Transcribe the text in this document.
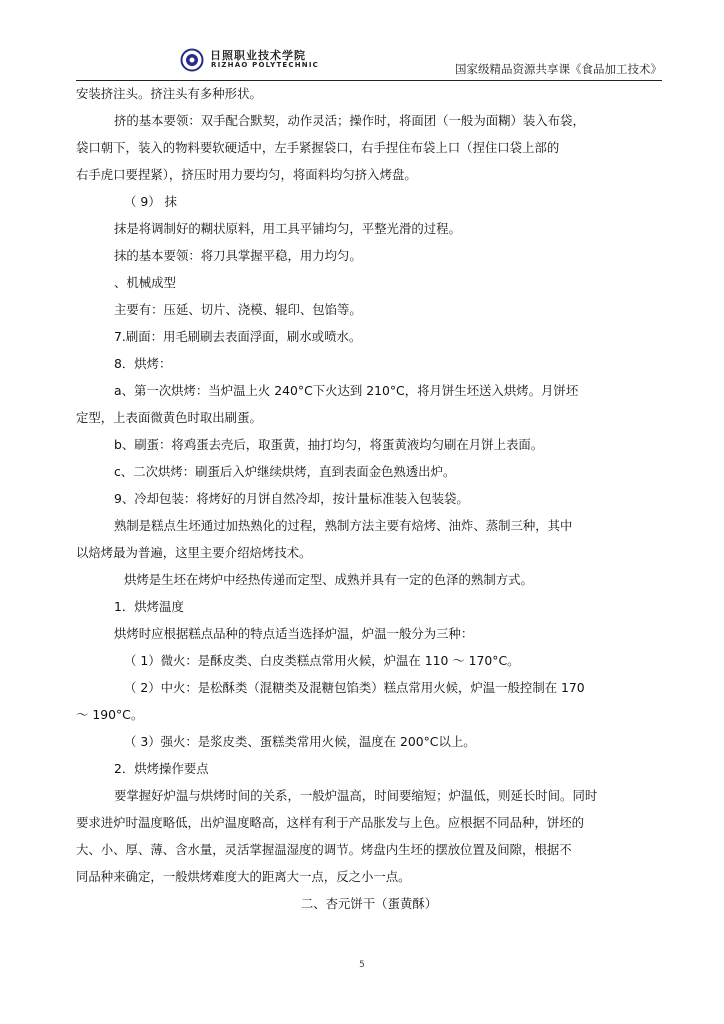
日照职业技术学院
RIZHAO POLYTECHNIC	国家级精品资源共享课《食品加工技术》
安装挤注头。挤注头有多种形状。
挤的基本要领：双手配合默契，动作灵活；操作时，将面团（一般为面糊）装入布袋，
袋口朝下，装入的物料要软硬适中，左手紧握袋口，右手捏住布袋上口（捏住口袋上部的
右手虎口要捏紧），挤压时用力要均匀，将面料均匀挤入烤盘。
（ 9） 抹
抹是将调制好的糊状原料，用工具平铺均匀，平整光滑的过程。
抹的基本要领：将刀具掌握平稳，用力均匀。
、机械成型
主要有：压延、切片、浇模、辊印、包馅等。
7.刷面：用毛刷刷去表面浮面，刷水或喷水。
8．烘烤：
a、第一次烘烤：当炉温上火 240°C下火达到 210°C，将月饼生坯送入烘烤。月饼坯
定型，上表面微黄色时取出刷蛋。
b、刷蛋：将鸡蛋去壳后，取蛋黄，抽打均匀，将蛋黄液均匀刷在月饼上表面。
c、二次烘烤：刷蛋后入炉继续烘烤，直到表面金色熟透出炉。
9、冷却包装：将烤好的月饼自然冷却，按计量标准装入包装袋。
熟制是糕点生坯通过加热熟化的过程，熟制方法主要有焙烤、油炸、蒸制三种，其中
以焙烤最为普遍，这里主要介绍焙烤技术。
烘烤是生坯在烤炉中经热传递而定型、成熟并具有一定的色泽的熟制方式。
1．烘烤温度
烘烤时应根据糕点品种的特点适当选择炉温，炉温一般分为三种：
（ 1）微火：是酥皮类、白皮类糕点常用火候，炉温在 110 ～ 170°C。
（ 2）中火：是松酥类（混糖类及混糖包馅类）糕点常用火候，炉温一般控制在 170
～ 190°C。
（ 3）强火：是浆皮类、蛋糕类常用火候，温度在 200°C以上。
2．烘烤操作要点
要掌握好炉温与烘烤时间的关系，一般炉温高，时间要缩短；炉温低，则延长时间。同时
要求进炉时温度略低，出炉温度略高，这样有利于产品胀发与上色。应根据不同品种，饼坯的
大、小、厚、薄、含水量，灵活掌握温湿度的调节。烤盘内生坯的摆放位置及间隙，根据不
同品种来确定，一般烘烤难度大的距离大一点，反之小一点。
二、杏元饼干（蛋黄酥）
5
